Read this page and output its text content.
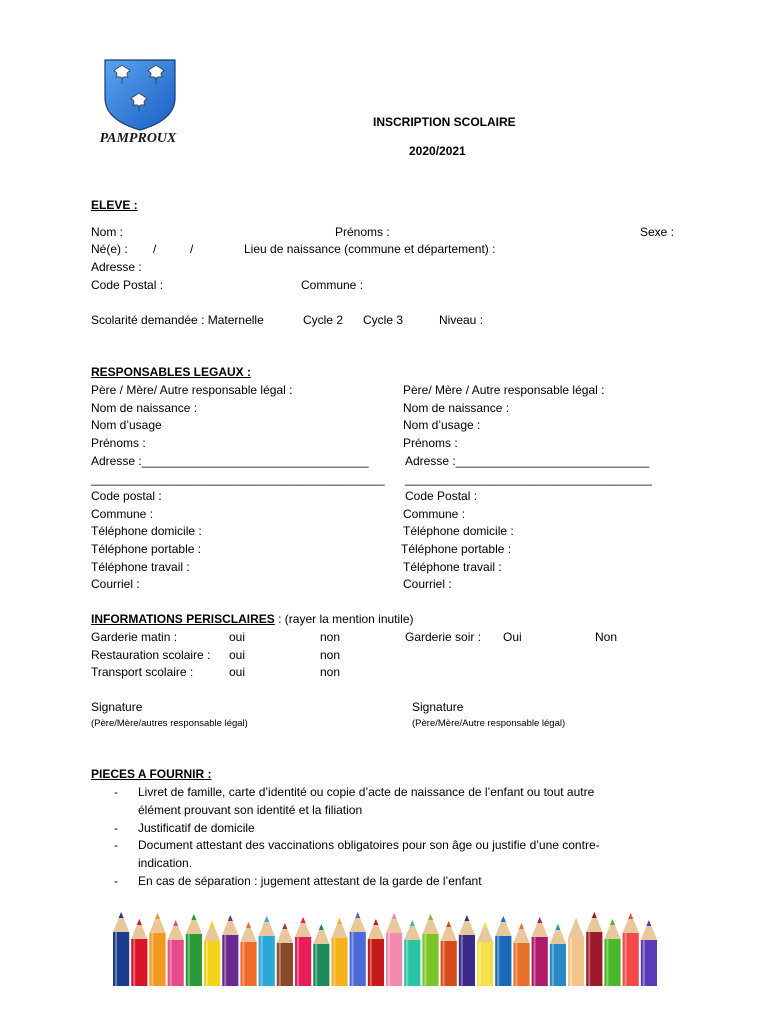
PAMPROUX
INSCRIPTION SCOLAIRE
2020/2021
ELEVE :
Nom :	Prénoms :	Sexe :
Né(e) : /	/	Lieu de naissance (commune et département) :
Adresse :
Code Postal :	Commune :
Scolarité demandée : Maternelle	Cycle 2 Cycle 3	Niveau :
RESPONSABLES LEGAUX :
Père / Mère/ Autre responsable légal :
Nom de naissance :
Nom d’usage
Prénoms :
Adresse :__________________________________
____________________________________________
Code postal :
Commune :
Téléphone domicile :
Téléphone portable :
Téléphone travail :
Courriel :
Père/ Mère / Autre responsable légal :
Nom de naissance :
Nom d’usage :
Prénoms :
Adresse :_____________________________
_____________________________________
Code Postal :
Commune :
Téléphone domicile :
Téléphone portable :
Téléphone travail :
Courriel :
INFORMATIONS PERISCLAIRES : (rayer la mention inutile)
Garderie matin :	oui	non	Garderie soir : Oui	Non
Restauration scolaire : oui	non
Transport scolaire :	oui	non
Signature
(Père/Mère/autres responsable légal)
Signature
(Père/Mère/Autre responsable légal)
PIECES A FOURNIR :
- Livret de famille, carte d’identité ou copie d’acte de naissance de l’enfant ou tout autre
élément prouvant son identité et la filiation
- Justificatif de domicile
- Document attestant des vaccinations obligatoires pour son âge ou justifie d’une contre-
indication.
- En cas de séparation : jugement attestant de la garde de l’enfant
